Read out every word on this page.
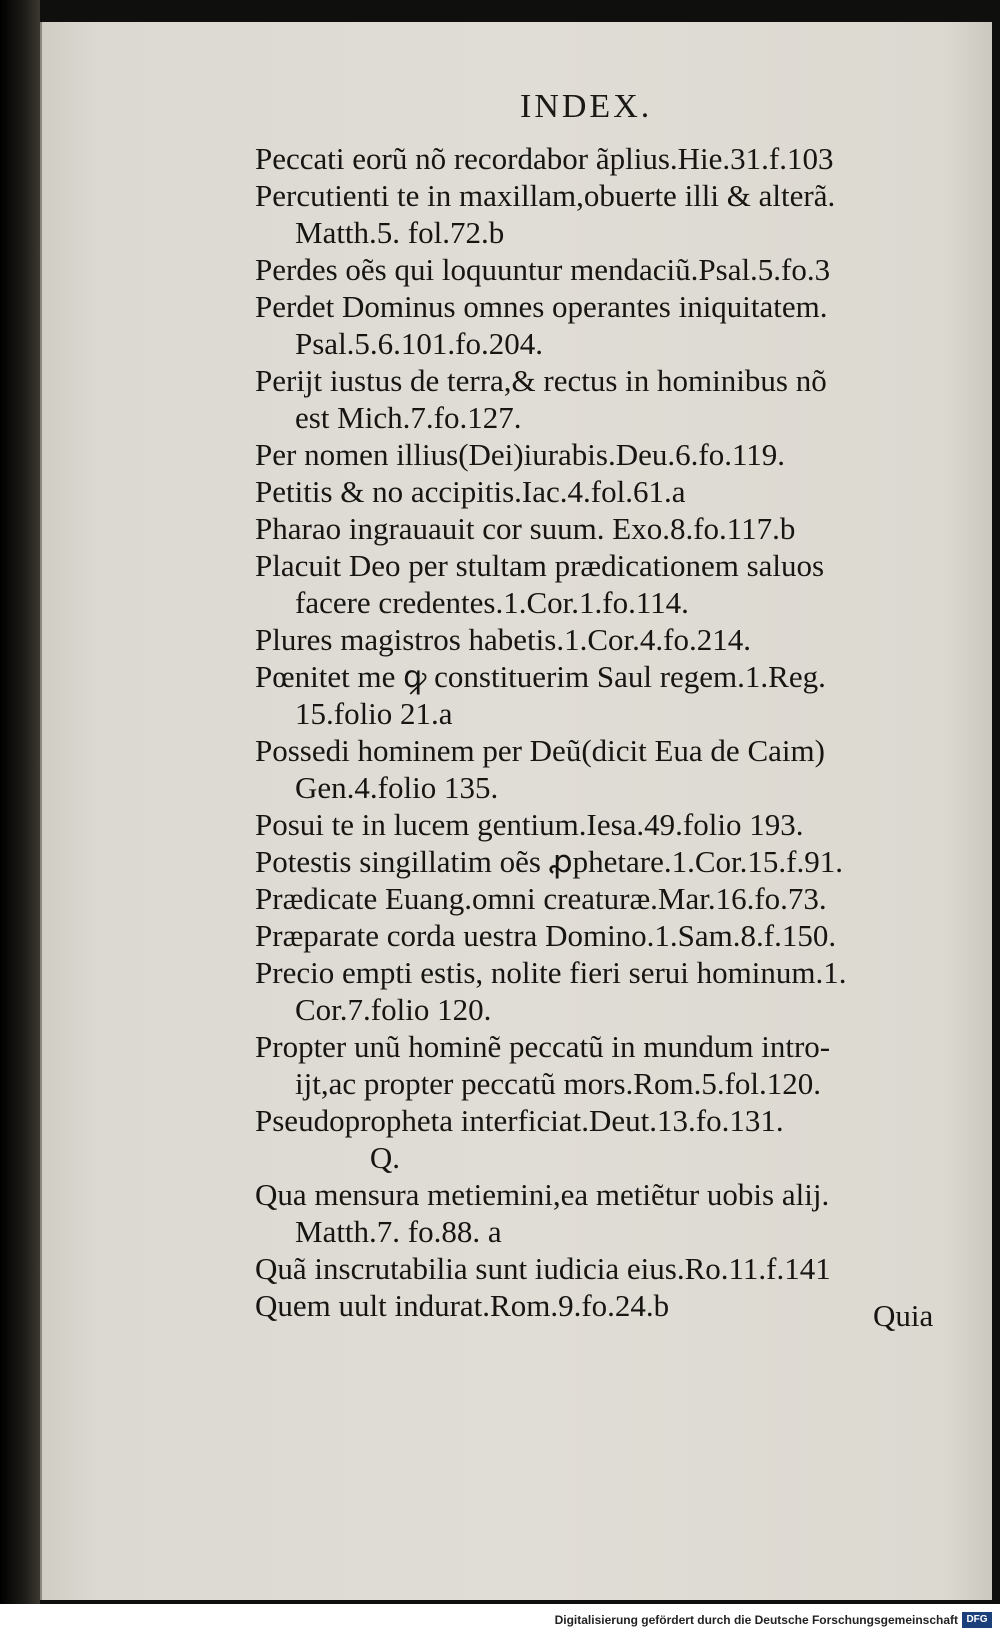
INDEX.
Peccati eorũ nõ recordabor ãplius.Hie.31.f.103
Percutienti te in maxillam,obuerte illi & alterã.
Matth.5. fol.72.b
Perdes oẽs qui loquuntur mendaciũ.Psal.5.fo.3
Perdet Dominus omnes operantes iniquitatem.
Psal.5.6.101.fo.204.
Perijt iustus de terra,& rectus in hominibus nõ
est Mich.7.fo.127.
Per nomen illius(Dei)iurabis.Deu.6.fo.119.
Petitis & no accipitis.Iac.4.fol.61.a
Pharao ingrauauit cor suum. Exo.8.fo.117.b
Placuit Deo per stultam prædicationem saluos
facere credentes.1.Cor.1.fo.114.
Plures magistros habetis.1.Cor.4.fo.214.
Pœnitet me ꝙ constituerim Saul regem.1.Reg.
15.folio 21.a
Possedi hominem per Deũ(dicit Eua de Caim)
Gen.4.folio 135.
Posui te in lucem gentium.Iesa.49.folio 193.
Potestis singillatim oẽs ꝓphetare.1.Cor.15.f.91.
Prædicate Euang.omni creaturæ.Mar.16.fo.73.
Præparate corda uestra Domino.1.Sam.8.f.150.
Precio empti estis, nolite fieri serui hominum.1.
Cor.7.folio 120.
Propter unũ hominẽ peccatũ in mundum intro-
ijt,ac propter peccatũ mors.Rom.5.fol.120.
Pseudopropheta interficiat.Deut.13.fo.131.
Q.
Qua mensura metiemini,ea metiẽtur uobis alij.
Matth.7. fo.88. a
Quã inscrutabilia sunt iudicia eius.Ro.11.f.141
Quem uult indurat.Rom.9.fo.24.b	Quia
Digitalisierung gefördert durch die Deutsche Forschungsgemeinschaft DFG
